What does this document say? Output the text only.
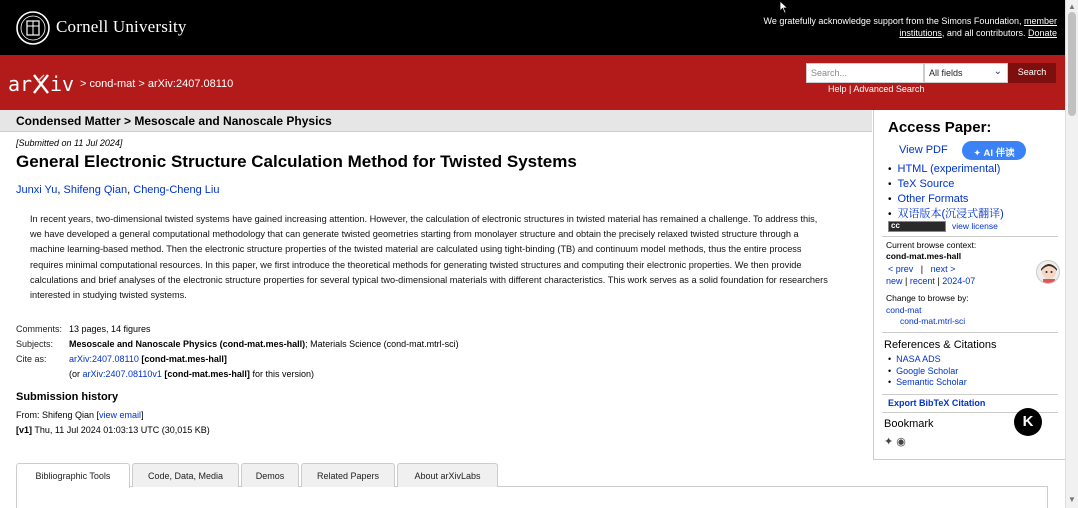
Cornell University	We gratefully acknowledge support from the Simons Foundation, member institutions, and all contributors. Donate
ar iv > cond-mat > arXiv:2407.08110
Search...	All fields	⌄	Search
Help | Advanced Search
▲
▼
Condensed Matter > Mesoscale and Nanoscale Physics
[Submitted on 11 Jul 2024]
General Electronic Structure Calculation Method for Twisted Systems
Junxi Yu, Shifeng Qian, Cheng-Cheng Liu
In recent years, two-dimensional twisted systems have gained increasing attention. However, the calculation of electronic structures in twisted material has remained a challenge. To address this, we have developed a general computational methodology that can generate twisted geometries starting from monolayer structure and obtain the precisely relaxed twisted structure through a machine learning-based method. Then the electronic structure properties of the twisted material are calculated using tight-binding (TB) and continuum model methods, thus the entire process requires minimal computational resources. In this paper, we first introduce the theoretical methods for generating twisted structures and computing their electronic properties. We then provide calculations and brief analyses of the electronic structure properties for several typical two-dimensional materials with different characteristics. This work serves as a solid foundation for researchers interested in studying twisted systems.
Comments: 13 pages, 14 figures
Subjects:	Mesoscale and Nanoscale Physics (cond-mat.mes-hall); Materials Science (cond-mat.mtrl-sci)
Cite as:	arXiv:2407.08110 [cond-mat.mes-hall]
(or arXiv:2407.08110v1 [cond-mat.mes-hall] for this version)
Submission history
From: Shifeng Qian [view email]
[v1] Thu, 11 Jul 2024 01:03:13 UTC (30,015 KB)
Bibliographic Tools	Code, Data, Media	Demos	Related Papers	About arXivLabs
Access Paper:
View PDF	✦ AI 伴读
• HTML (experimental)
• TeX Source
• Other Formats
• 双语版本(沉浸式翻译)
cc	view license
Current browse context:
cond-mat.mes-hall
< prev   |   next >
new | recent | 2024-07
Change to browse by:
cond-mat
cond-mat.mtrl-sci
References & Citations
• NASA ADS
• Google Scholar
• Semantic Scholar
Export BibTeX Citation
Bookmark
✦ ◉
K
